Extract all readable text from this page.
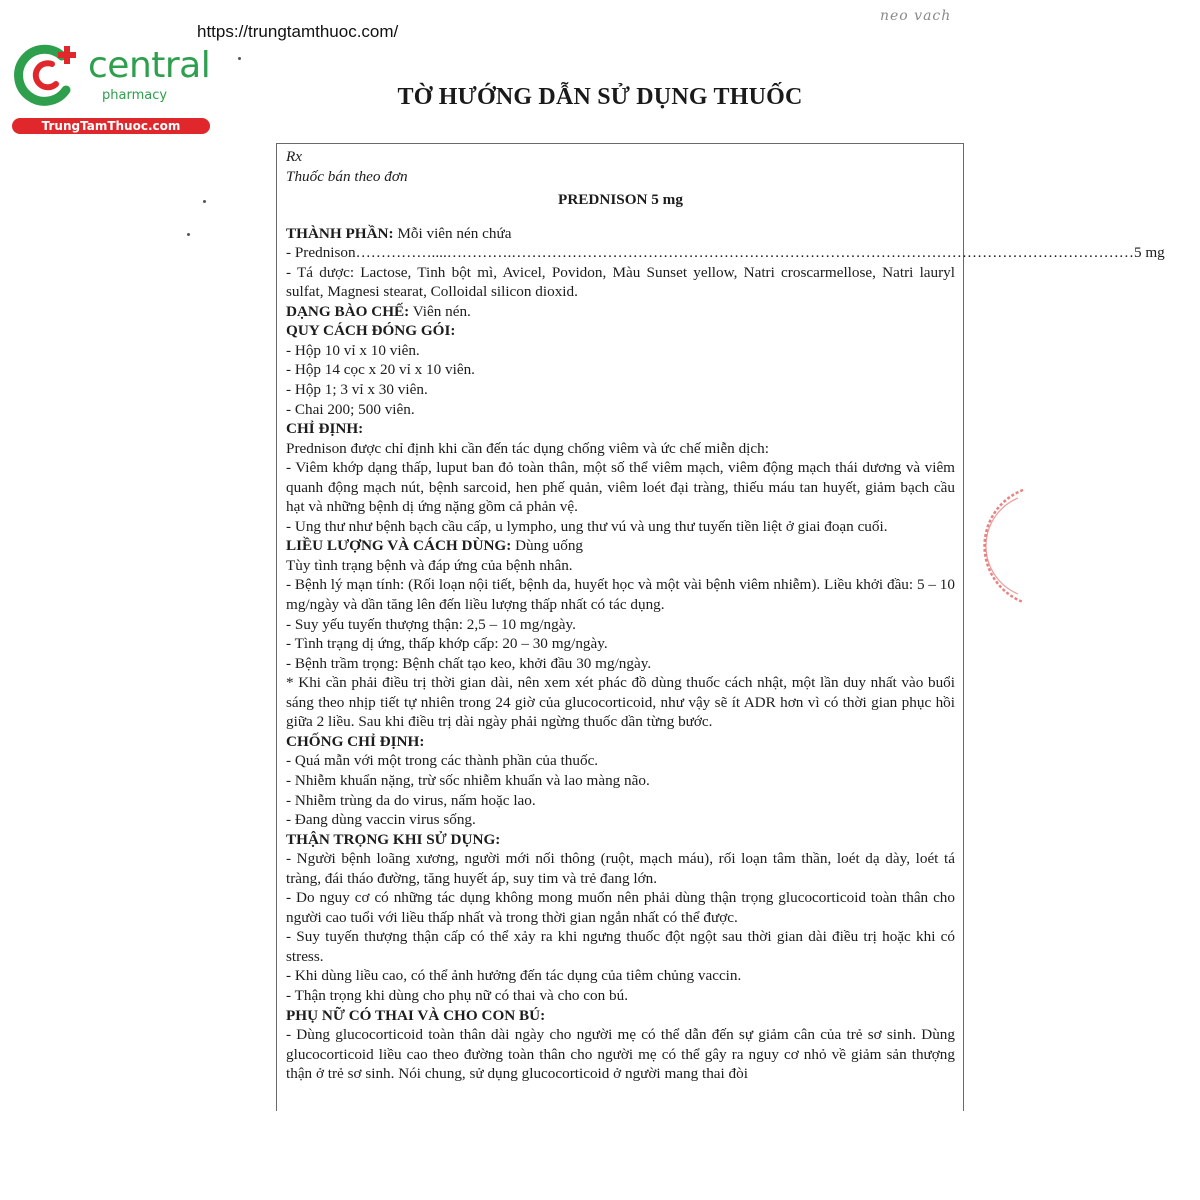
https://trungtamthuoc.com/
neo vach
central
pharmacy
TrungTamThuoc.com
TỜ HƯỚNG DẪN SỬ DỤNG THUỐC
Rx
Thuốc bán theo đơn
PREDNISON 5 mg
THÀNH PHẦN: Mỗi viên nén chứa
- Prednison ……………....………….…………………………………………………………………………………………………………… 5 mg
- Tá dược: Lactose, Tinh bột mì, Avicel, Povidon, Màu Sunset yellow, Natri croscarmellose, Natri lauryl sulfat, Magnesi stearat, Colloidal silicon dioxid.
DẠNG BÀO CHẾ: Viên nén.
QUY CÁCH ĐÓNG GÓI:
- Hộp 10 vỉ x 10 viên.
- Hộp 14 cọc x 20 vỉ x 10 viên.
- Hộp 1; 3 vỉ x 30 viên.
- Chai 200; 500 viên.
CHỈ ĐỊNH:
Prednison được chỉ định khi cần đến tác dụng chống viêm và ức chế miễn dịch:
- Viêm khớp dạng thấp, luput ban đỏ toàn thân, một số thể viêm mạch, viêm động mạch thái dương và viêm quanh động mạch nút, bệnh sarcoid, hen phế quản, viêm loét đại tràng, thiếu máu tan huyết, giảm bạch cầu hạt và những bệnh dị ứng nặng gồm cả phản vệ.
- Ung thư như bệnh bạch cầu cấp, u lympho, ung thư vú và ung thư tuyến tiền liệt ở giai đoạn cuối.
LIỀU LƯỢNG VÀ CÁCH DÙNG: Dùng uống
Tùy tình trạng bệnh và đáp ứng của bệnh nhân.
- Bệnh lý mạn tính: (Rối loạn nội tiết, bệnh da, huyết học và một vài bệnh viêm nhiễm). Liều khởi đầu: 5 – 10 mg/ngày và dần tăng lên đến liều lượng thấp nhất có tác dụng.
- Suy yếu tuyến thượng thận: 2,5 – 10 mg/ngày.
- Tình trạng dị ứng, thấp khớp cấp: 20 – 30 mg/ngày.
- Bệnh trầm trọng: Bệnh chất tạo keo, khởi đầu 30 mg/ngày.
* Khi cần phải điều trị thời gian dài, nên xem xét phác đồ dùng thuốc cách nhật, một lần duy nhất vào buổi sáng theo nhịp tiết tự nhiên trong 24 giờ của glucocorticoid, như vậy sẽ ít ADR hơn vì có thời gian phục hồi giữa 2 liều. Sau khi điều trị dài ngày phải ngừng thuốc dần từng bước.
CHỐNG CHỈ ĐỊNH:
- Quá mẫn với một trong các thành phần của thuốc.
- Nhiễm khuẩn nặng, trừ sốc nhiễm khuẩn và lao màng não.
- Nhiễm trùng da do virus, nấm hoặc lao.
- Đang dùng vaccin virus sống.
THẬN TRỌNG KHI SỬ DỤNG:
- Người bệnh loãng xương, người mới nối thông (ruột, mạch máu), rối loạn tâm thần, loét dạ dày, loét tá tràng, đái tháo đường, tăng huyết áp, suy tim và trẻ đang lớn.
- Do nguy cơ có những tác dụng không mong muốn nên phải dùng thận trọng glucocorticoid toàn thân cho người cao tuổi với liều thấp nhất và trong thời gian ngắn nhất có thể được.
- Suy tuyến thượng thận cấp có thể xảy ra khi ngưng thuốc đột ngột sau thời gian dài điều trị hoặc khi có stress.
- Khi dùng liều cao, có thể ảnh hưởng đến tác dụng của tiêm chủng vaccin.
- Thận trọng khi dùng cho phụ nữ có thai và cho con bú.
PHỤ NỮ CÓ THAI VÀ CHO CON BÚ:
- Dùng glucocorticoid toàn thân dài ngày cho người mẹ có thể dẫn đến sự giảm cân của trẻ sơ sinh. Dùng glucocorticoid liều cao theo đường toàn thân cho người mẹ có thể gây ra nguy cơ nhỏ về giảm sản thượng thận ở trẻ sơ sinh. Nói chung, sử dụng glucocorticoid ở người mang thai đòi
